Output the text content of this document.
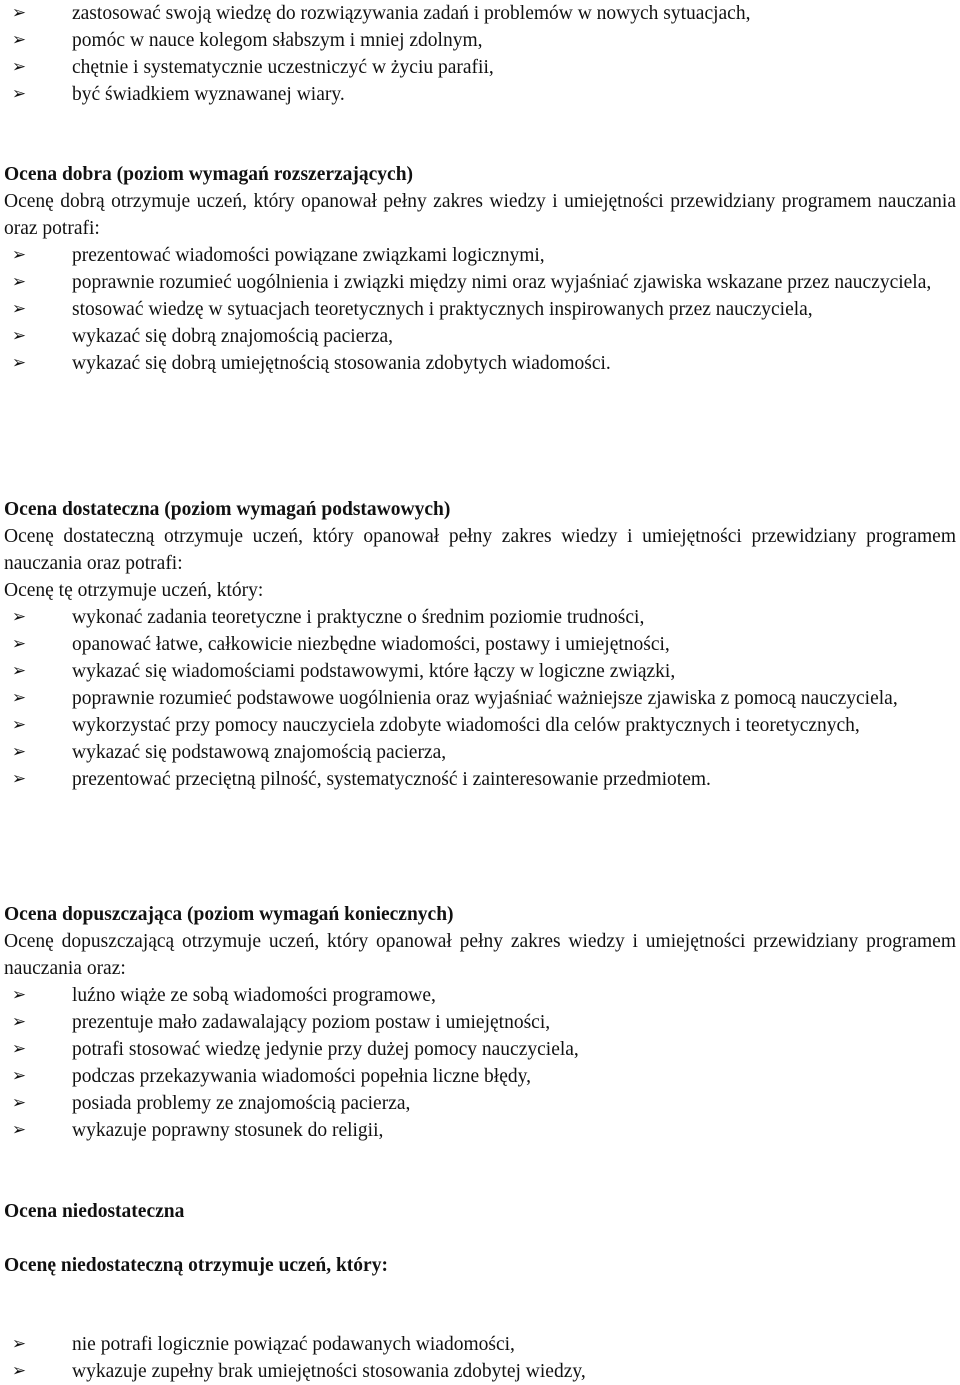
➢	zastosować swoją wiedzę do rozwiązywania zadań i problemów w nowych sytuacjach,
➢	pomóc w nauce kolegom słabszym i mniej zdolnym,
➢	chętnie i systematycznie uczestniczyć w życiu parafii,
➢	być świadkiem wyznawanej wiary.

Ocena dobra (poziom wymagań rozszerzających)

Ocenę dobrą otrzymuje uczeń, który opanował pełny zakres wiedzy i umiejętności przewidziany programem nauczania oraz potrafi:

➢	prezentować wiadomości powiązane związkami logicznymi,
➢	poprawnie rozumieć uogólnienia i związki między nimi oraz wyjaśniać zjawiska wskazane przez nauczyciela,
➢	stosować wiedzę w sytuacjach teoretycznych i praktycznych inspirowanych przez nauczyciela,
➢	wykazać się dobrą znajomością pacierza,
➢	wykazać się dobrą umiejętnością stosowania zdobytych wiadomości.

Ocena dostateczna (poziom wymagań podstawowych)

Ocenę dostateczną otrzymuje uczeń, który opanował pełny zakres wiedzy i umiejętności przewidziany programem nauczania oraz potrafi:

Ocenę tę otrzymuje uczeń, który:

➢	wykonać zadania teoretyczne i praktyczne o średnim poziomie trudności,
➢	opanować łatwe, całkowicie niezbędne wiadomości, postawy i umiejętności,
➢	wykazać się wiadomościami podstawowymi, które łączy w logiczne związki,
➢	poprawnie rozumieć podstawowe uogólnienia oraz wyjaśniać ważniejsze zjawiska z pomocą nauczyciela,
➢	wykorzystać przy pomocy nauczyciela zdobyte wiadomości dla celów praktycznych i teoretycznych,
➢	wykazać się podstawową znajomością pacierza,
➢	prezentować przeciętną pilność, systematyczność i zainteresowanie przedmiotem.

Ocena dopuszczająca (poziom wymagań koniecznych)

Ocenę dopuszczającą otrzymuje uczeń, który opanował pełny zakres wiedzy i umiejętności przewidziany programem nauczania oraz:

➢	luźno wiąże ze sobą wiadomości programowe,
➢	prezentuje mało zadawalający poziom postaw i umiejętności,
➢	potrafi stosować wiedzę jedynie przy dużej pomocy nauczyciela,
➢	podczas przekazywania wiadomości popełnia liczne błędy,
➢	posiada problemy ze znajomością pacierza,
➢	wykazuje poprawny stosunek do religii,

Ocena niedostateczna

Ocenę niedostateczną otrzymuje uczeń, który:

➢	nie potrafi logicznie powiązać podawanych wiadomości,
➢	wykazuje zupełny brak umiejętności stosowania zdobytej wiedzy,
